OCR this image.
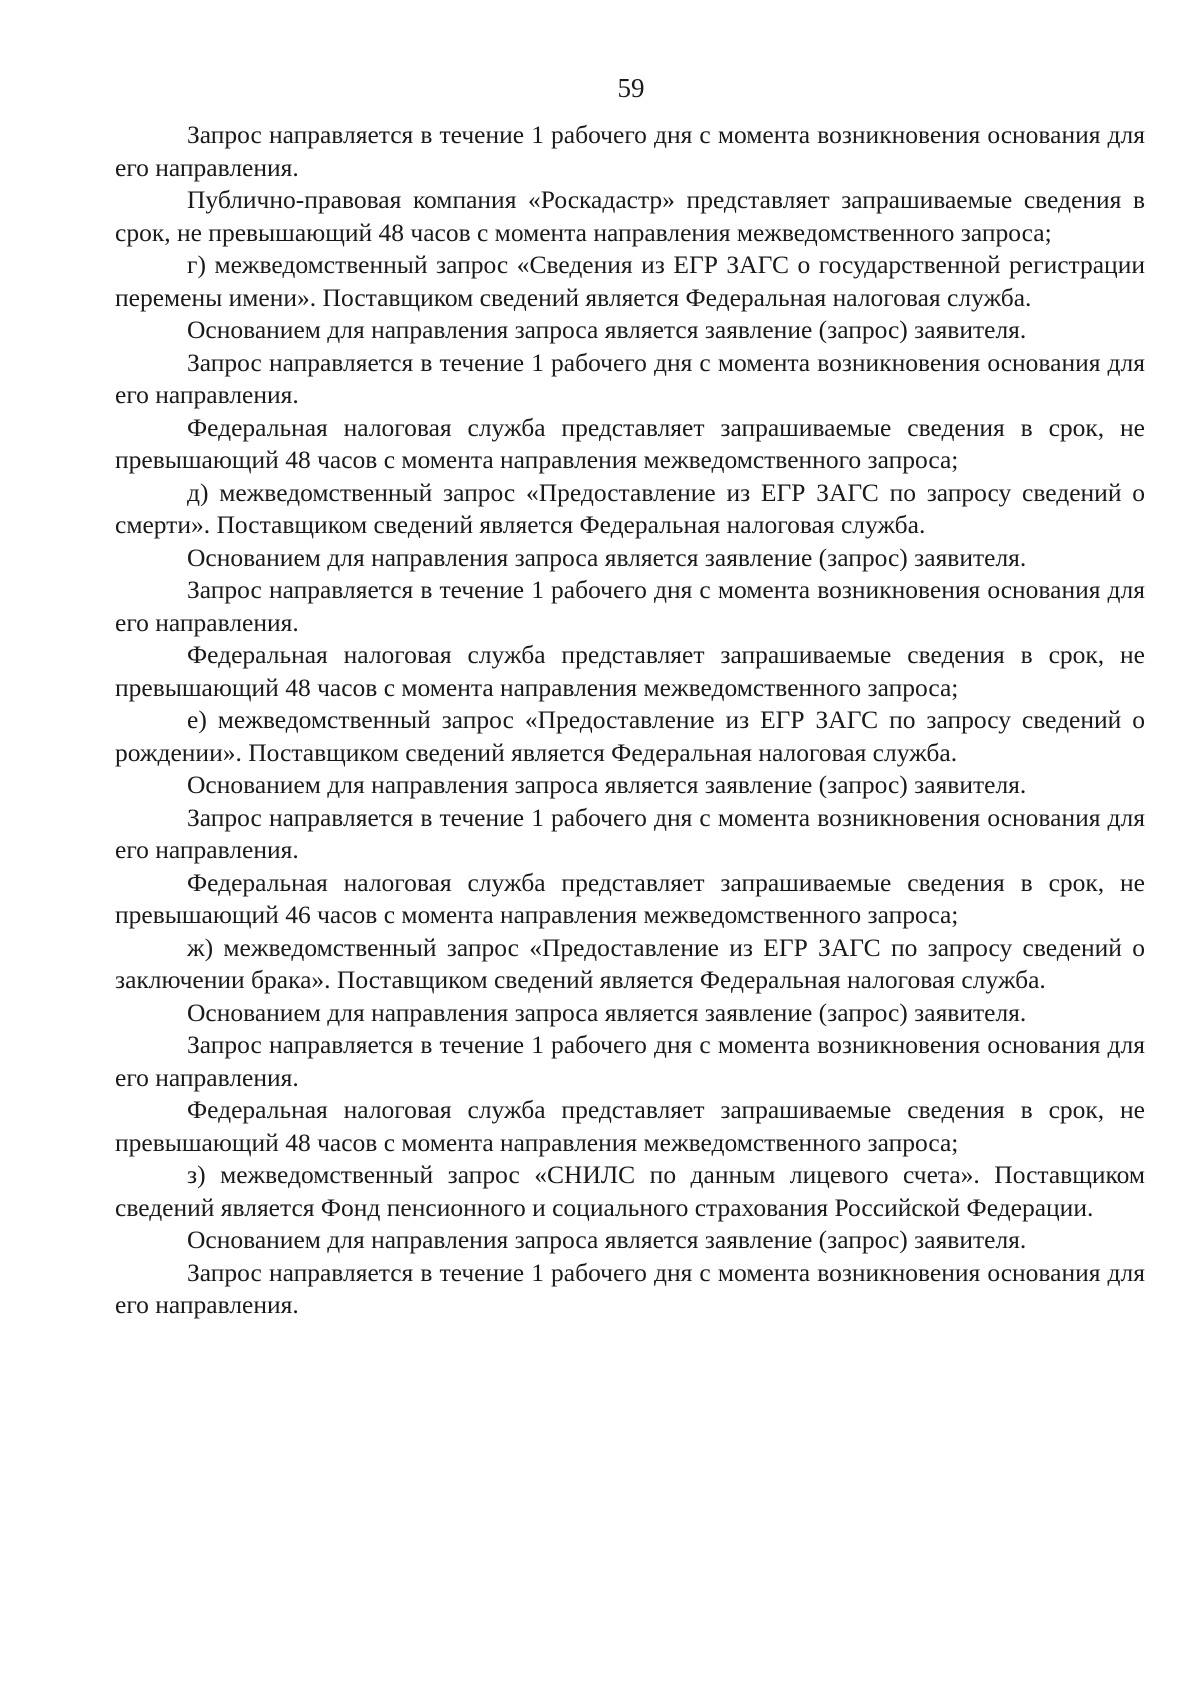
59

Запрос направляется в течение 1 рабочего дня с момента возникновения основания для его направления.

Публично-правовая компания «Роскадастр» представляет запрашиваемые сведения в срок, не превышающий 48 часов с момента направления межведомственного запроса;

г) межведомственный запрос «Сведения из ЕГР ЗАГС о государственной регистрации перемены имени». Поставщиком сведений является Федеральная налоговая служба.

Основанием для направления запроса является заявление (запрос) заявителя.

Запрос направляется в течение 1 рабочего дня с момента возникновения основания для его направления.

Федеральная налоговая служба представляет запрашиваемые сведения в срок, не превышающий 48 часов с момента направления межведомственного запроса;

д) межведомственный запрос «Предоставление из ЕГР ЗАГС по запросу сведений о смерти». Поставщиком сведений является Федеральная налоговая служба.

Основанием для направления запроса является заявление (запрос) заявителя.

Запрос направляется в течение 1 рабочего дня с момента возникновения основания для его направления.

Федеральная налоговая служба представляет запрашиваемые сведения в срок, не превышающий 48 часов с момента направления межведомственного запроса;

е) межведомственный запрос «Предоставление из ЕГР ЗАГС по запросу сведений о рождении». Поставщиком сведений является Федеральная налоговая служба.

Основанием для направления запроса является заявление (запрос) заявителя.

Запрос направляется в течение 1 рабочего дня с момента возникновения основания для его направления.

Федеральная налоговая служба представляет запрашиваемые сведения в срок, не превышающий 46 часов с момента направления межведомственного запроса;

ж) межведомственный запрос «Предоставление из ЕГР ЗАГС по запросу сведений о заключении брака». Поставщиком сведений является Федеральная налоговая служба.

Основанием для направления запроса является заявление (запрос) заявителя.

Запрос направляется в течение 1 рабочего дня с момента возникновения основания для его направления.

Федеральная налоговая служба представляет запрашиваемые сведения в срок, не превышающий 48 часов с момента направления межведомственного запроса;

з) межведомственный запрос «СНИЛС по данным лицевого счета». Поставщиком сведений является Фонд пенсионного и социального страхования Российской Федерации.

Основанием для направления запроса является заявление (запрос) заявителя.

Запрос направляется в течение 1 рабочего дня с момента возникновения основания для его направления.
